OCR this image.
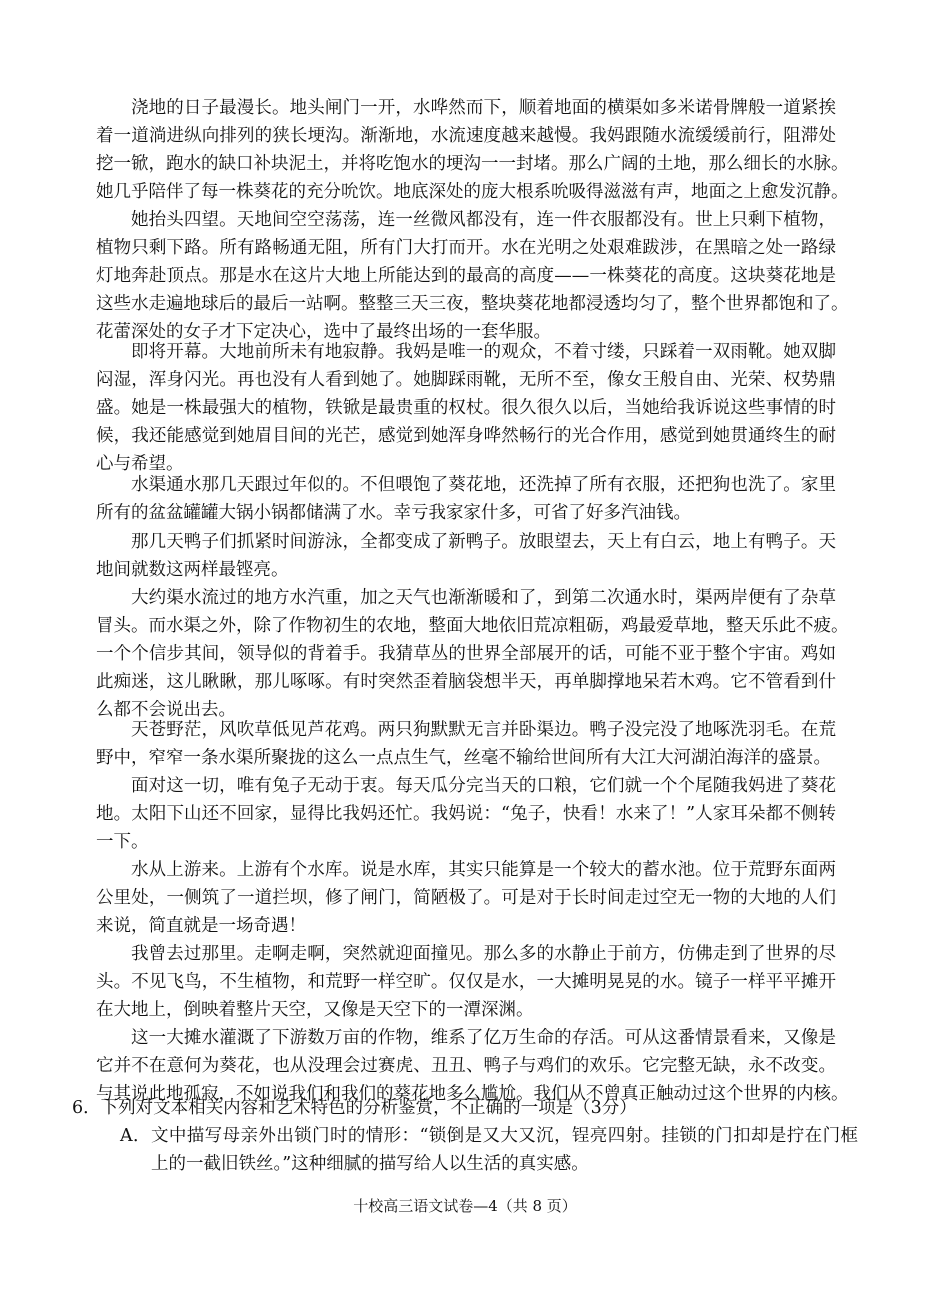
浇地的日子最漫长。地头闸门一开，水哗然而下，顺着地面的横渠如多米诺骨牌般一道紧挨
着一道淌进纵向排列的狭长埂沟。渐渐地，水流速度越来越慢。我妈跟随水流缓缓前行，阻滞处
挖一锨，跑水的缺口补块泥土，并将吃饱水的埂沟一一封堵。那么广阔的土地，那么细长的水脉。
她几乎陪伴了每一株葵花的充分吮饮。地底深处的庞大根系吮吸得滋滋有声，地面之上愈发沉静。
她抬头四望。天地间空空荡荡，连一丝微风都没有，连一件衣服都没有。世上只剩下植物，
植物只剩下路。所有路畅通无阻，所有门大打而开。水在光明之处艰难跋涉，在黑暗之处一路绿
灯地奔赴顶点。那是水在这片大地上所能达到的最高的高度——一株葵花的高度。这块葵花地是
这些水走遍地球后的最后一站啊。整整三天三夜，整块葵花地都浸透均匀了，整个世界都饱和了。
花蕾深处的女子才下定决心，选中了最终出场的一套华服。
即将开幕。大地前所未有地寂静。我妈是唯一的观众，不着寸缕，只踩着一双雨靴。她双脚
闷湿，浑身闪光。再也没有人看到她了。她脚踩雨靴，无所不至，像女王般自由、光荣、权势鼎
盛。她是一株最强大的植物，铁锨是最贵重的权杖。很久很久以后，当她给我诉说这些事情的时
候，我还能感觉到她眉目间的光芒，感觉到她浑身哗然畅行的光合作用，感觉到她贯通终生的耐
心与希望。
水渠通水那几天跟过年似的。不但喂饱了葵花地，还洗掉了所有衣服，还把狗也洗了。家里
所有的盆盆罐罐大锅小锅都储满了水。幸亏我家家什多，可省了好多汽油钱。
那几天鸭子们抓紧时间游泳，全都变成了新鸭子。放眼望去，天上有白云，地上有鸭子。天
地间就数这两样最铿亮。
大约渠水流过的地方水汽重，加之天气也渐渐暖和了，到第二次通水时，渠两岸便有了杂草
冒头。而水渠之外，除了作物初生的农地，整面大地依旧荒凉粗砺，鸡最爱草地，整天乐此不疲。
一个个信步其间，领导似的背着手。我猜草丛的世界全部展开的话，可能不亚于整个宇宙。鸡如
此痴迷，这儿瞅瞅，那儿啄啄。有时突然歪着脑袋想半天，再单脚撑地呆若木鸡。它不管看到什
么都不会说出去。
天苍野茫，风吹草低见芦花鸡。两只狗默默无言并卧渠边。鸭子没完没了地啄洗羽毛。在荒
野中，窄窄一条水渠所聚拢的这么一点点生气，丝毫不输给世间所有大江大河湖泊海洋的盛景。
面对这一切，唯有兔子无动于衷。每天瓜分完当天的口粮，它们就一个个尾随我妈进了葵花
地。太阳下山还不回家，显得比我妈还忙。我妈说：“兔子，快看！水来了！”人家耳朵都不侧转
一下。
水从上游来。上游有个水库。说是水库，其实只能算是一个较大的蓄水池。位于荒野东面两
公里处，一侧筑了一道拦坝，修了闸门，简陋极了。可是对于长时间走过空无一物的大地的人们
来说，简直就是一场奇遇！
我曾去过那里。走啊走啊，突然就迎面撞见。那么多的水静止于前方，仿佛走到了世界的尽
头。不见飞鸟，不生植物，和荒野一样空旷。仅仅是水，一大摊明晃晃的水。镜子一样平平摊开
在大地上，倒映着整片天空，又像是天空下的一潭深渊。
这一大摊水灌溉了下游数万亩的作物，维系了亿万生命的存活。可从这番情景看来，又像是
它并不在意何为葵花，也从没理会过赛虎、丑丑、鸭子与鸡们的欢乐。它完整无缺，永不改变。
与其说此地孤寂，不如说我们和我们的葵花地多么尴尬。我们从不曾真正触动过这个世界的内核。
6．下列对文本相关内容和艺术特色的分析鉴赏，不正确的一项是（3分）
A．文中描写母亲外出锁门时的情形：“锁倒是又大又沉，锃亮四射。挂锁的门扣却是拧在门框
上的一截旧铁丝。”这种细腻的描写给人以生活的真实感。
十校高三语文试卷—4（共 8 页）
